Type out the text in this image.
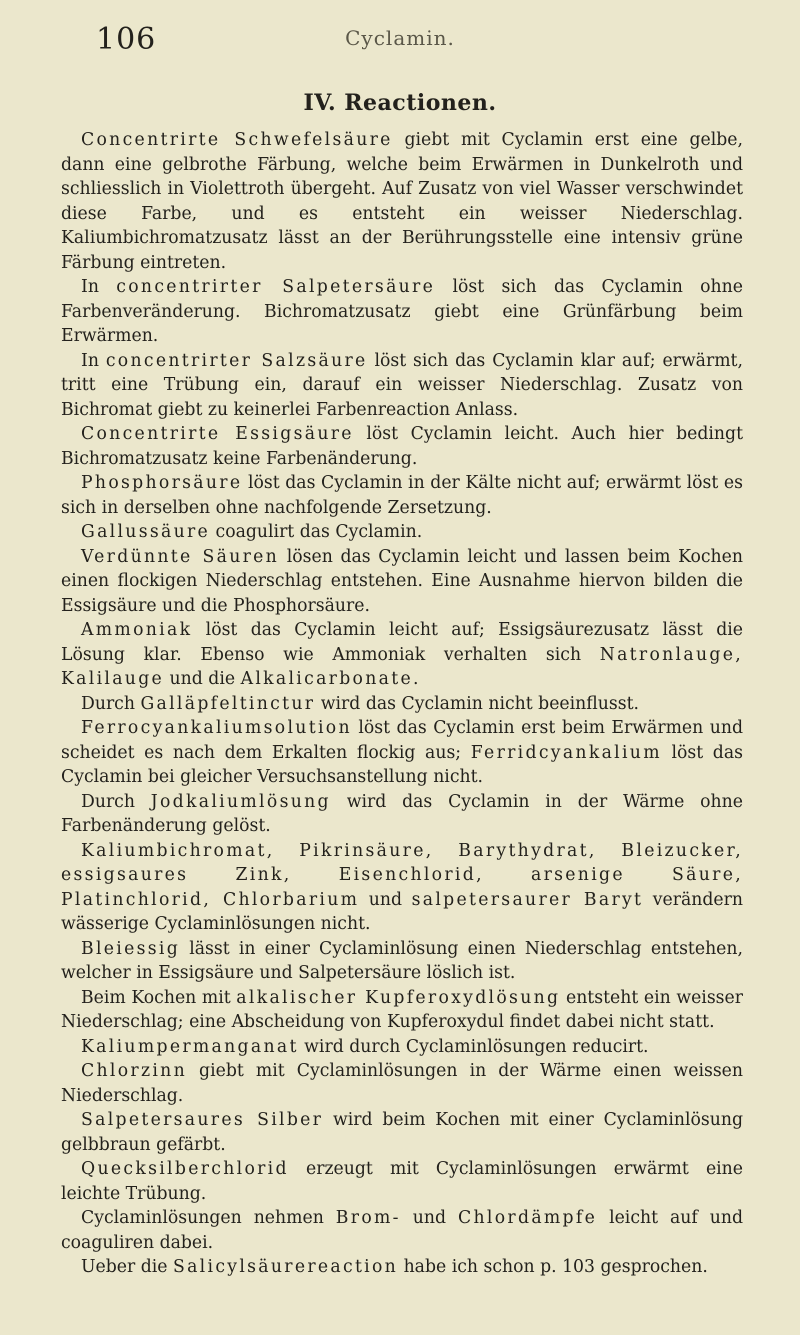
106	Cyclamin.
IV. Reactionen.

Concentrirte Schwefelsäure giebt mit Cyclamin erst eine gelbe, dann eine gelbrothe Färbung, welche beim Erwärmen in Dunkelroth und schliesslich in Violettroth übergeht. Auf Zusatz von viel Wasser verschwindet diese Farbe, und es entsteht ein weisser Niederschlag. Kaliumbichromatzusatz lässt an der Berührungsstelle eine intensiv grüne Färbung eintreten.

In concentrirter Salpetersäure löst sich das Cyclamin ohne Farbenveränderung. Bichromatzusatz giebt eine Grünfärbung beim Erwärmen.

In concentrirter Salzsäure löst sich das Cyclamin klar auf; erwärmt, tritt eine Trübung ein, darauf ein weisser Niederschlag. Zusatz von Bichromat giebt zu keinerlei Farbenreaction Anlass.

Concentrirte Essigsäure löst Cyclamin leicht. Auch hier bedingt Bichromatzusatz keine Farbenänderung.

Phosphorsäure löst das Cyclamin in der Kälte nicht auf; erwärmt löst es sich in derselben ohne nachfolgende Zersetzung.

Gallussäure coagulirt das Cyclamin.

Verdünnte Säuren lösen das Cyclamin leicht und lassen beim Kochen einen flockigen Niederschlag entstehen. Eine Ausnahme hiervon bilden die Essigsäure und die Phosphorsäure.

Ammoniak löst das Cyclamin leicht auf; Essigsäurezusatz lässt die Lösung klar. Ebenso wie Ammoniak verhalten sich Natronlauge, Kalilauge und die Alkalicarbonate.

Durch Galläpfeltinctur wird das Cyclamin nicht beeinflusst.

Ferrocyankaliumsolution löst das Cyclamin erst beim Erwärmen und scheidet es nach dem Erkalten flockig aus; Ferridcyankalium löst das Cyclamin bei gleicher Versuchsanstellung nicht.

Durch Jodkaliumlösung wird das Cyclamin in der Wärme ohne Farbenänderung gelöst.

Kaliumbichromat, Pikrinsäure, Barythydrat, Bleizucker, essigsaures Zink, Eisenchlorid, arsenige Säure, Platinchlorid, Chlorbarium und salpetersaurer Baryt verändern wässerige Cyclaminlösungen nicht.

Bleiessig lässt in einer Cyclaminlösung einen Niederschlag entstehen, welcher in Essigsäure und Salpetersäure löslich ist.

Beim Kochen mit alkalischer Kupferoxydlösung entsteht ein weisser Niederschlag; eine Abscheidung von Kupferoxydul findet dabei nicht statt.

Kaliumpermanganat wird durch Cyclaminlösungen reducirt.

Chlorzinn giebt mit Cyclaminlösungen in der Wärme einen weissen Niederschlag.

Salpetersaures Silber wird beim Kochen mit einer Cyclaminlösung gelbbraun gefärbt.

Quecksilberchlorid erzeugt mit Cyclaminlösungen erwärmt eine leichte Trübung.

Cyclaminlösungen nehmen Brom- und Chlordämpfe leicht auf und coaguliren dabei.

Ueber die Salicylsäurereaction habe ich schon p. 103 gesprochen.
